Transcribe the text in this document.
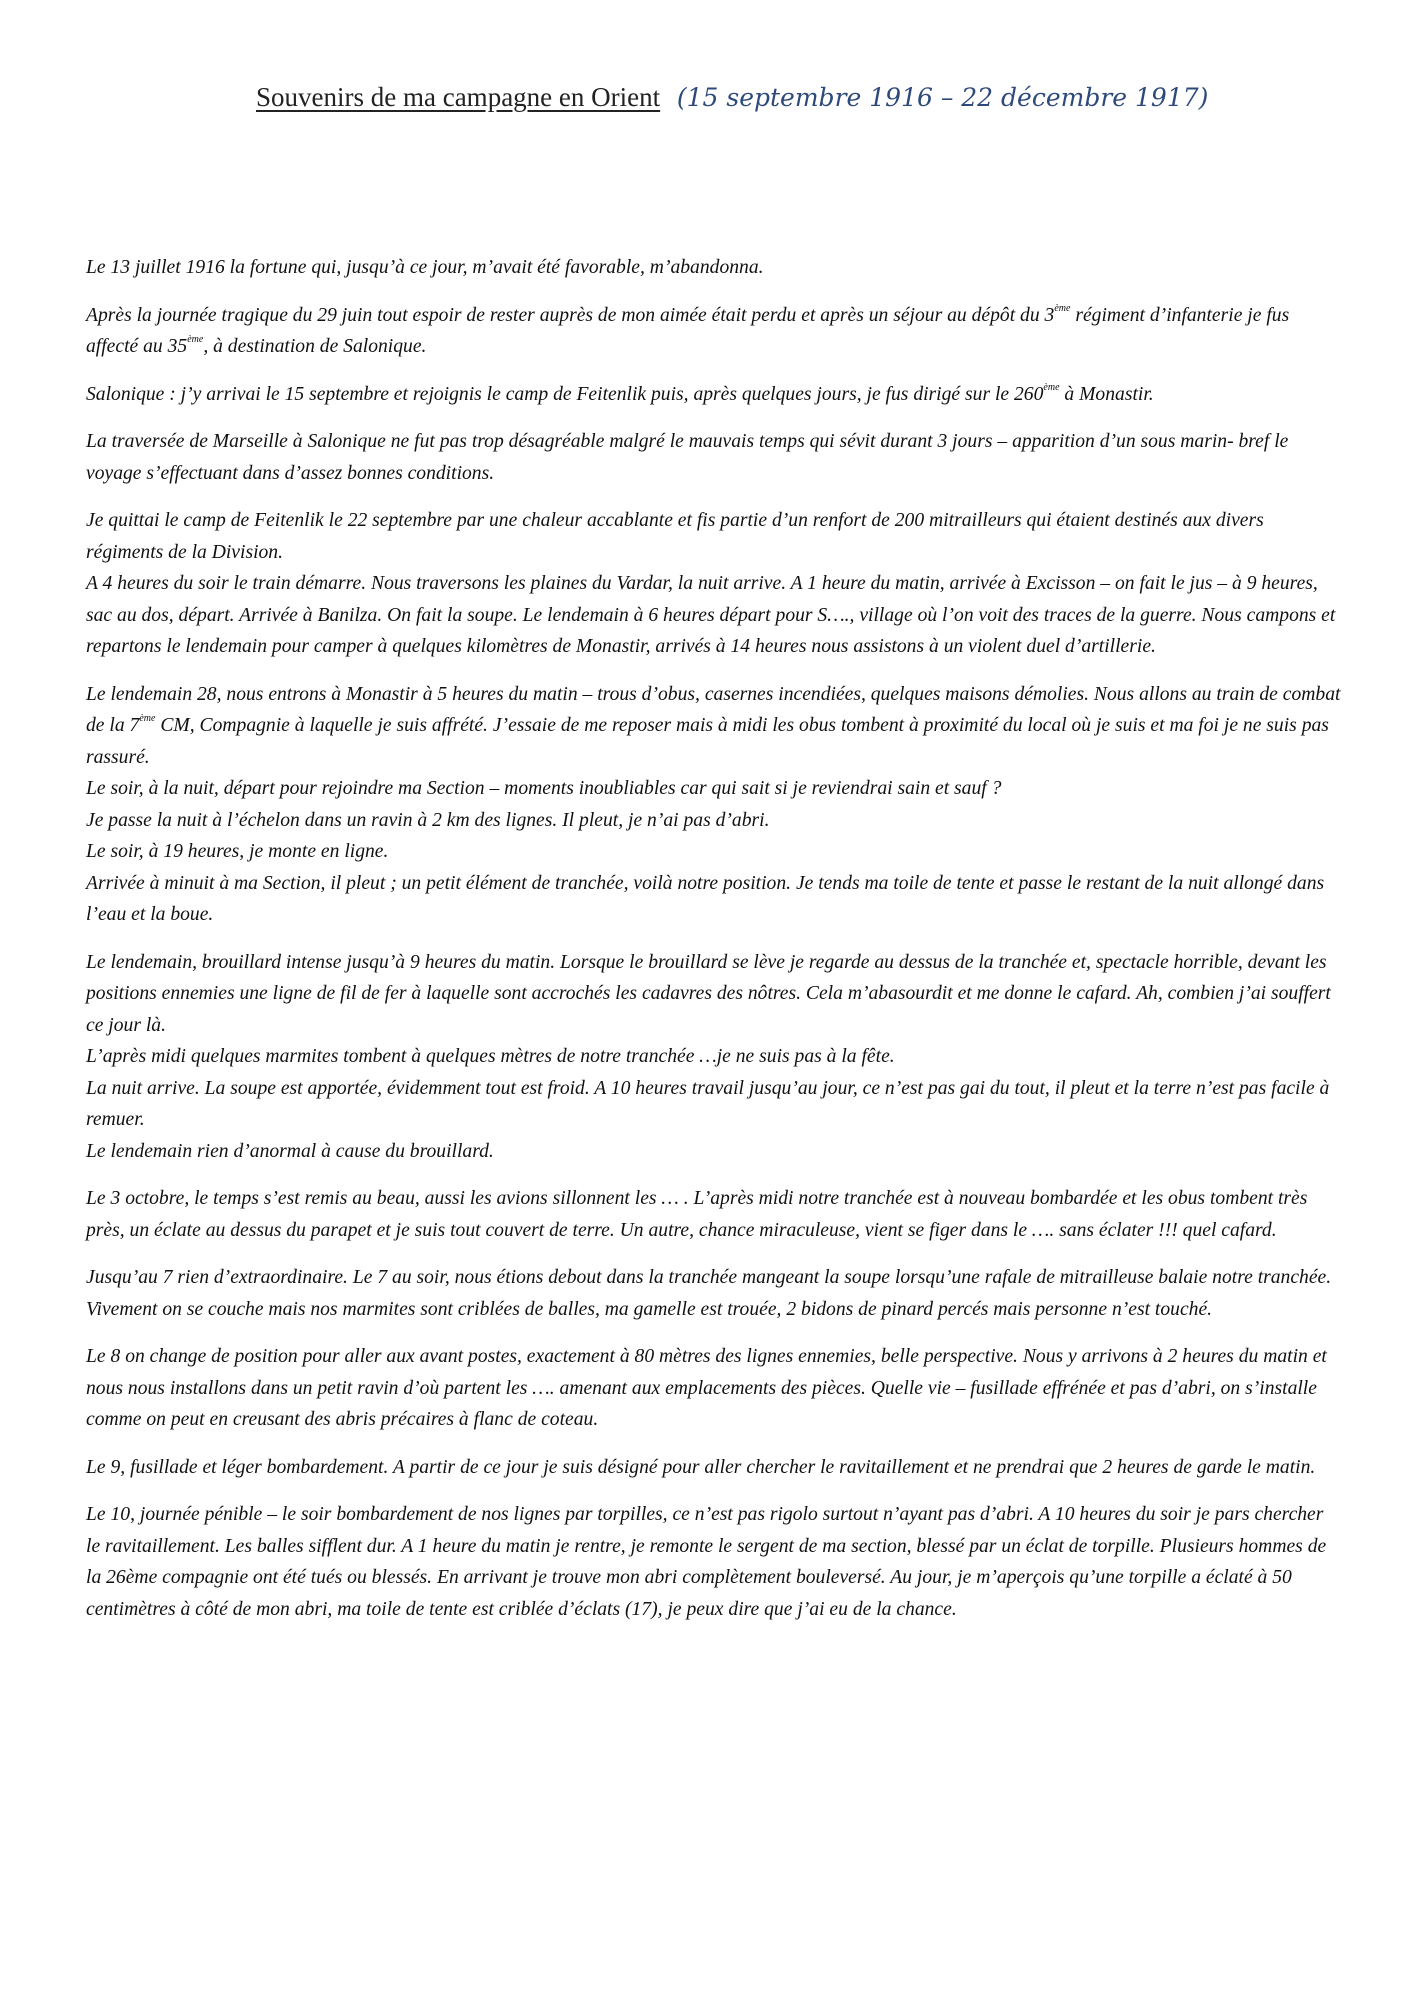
Souvenirs de ma campagne en Orient (15 septembre 1916 – 22 décembre 1917)

Le 13 juillet 1916 la fortune qui, jusqu’à ce jour, m’avait été favorable, m’abandonna.

Après la journée tragique du 29 juin tout espoir de rester auprès de mon aimée était perdu et après un séjour au dépôt du 3ème régiment d’infanterie je fus affecté au 35ème, à destination de Salonique.

Salonique : j’y arrivai le 15 septembre et rejoignis le camp de Feitenlik puis, après quelques jours, je fus dirigé sur le 260ème à Monastir.

La traversée de Marseille à Salonique ne fut pas trop désagréable malgré le mauvais temps qui sévit durant 3 jours – apparition d’un sous marin- bref le voyage s’effectuant dans d’assez bonnes conditions.

Je quittai le camp de Feitenlik le 22 septembre par une chaleur accablante et fis partie d’un renfort de 200 mitrailleurs qui étaient destinés aux divers régiments de la Division.

A 4 heures du soir le train démarre. Nous traversons les plaines du Vardar, la nuit arrive. A 1 heure du matin, arrivée à Excisson – on fait le jus – à 9 heures, sac au dos, départ. Arrivée à Banilza. On fait la soupe. Le lendemain à 6 heures départ pour S…., village où l’on voit des traces de la guerre. Nous campons et repartons le lendemain pour camper à quelques kilomètres de Monastir, arrivés à 14 heures nous assistons à un violent duel d’artillerie.

Le lendemain 28, nous entrons à Monastir à 5 heures du matin – trous d’obus, casernes incendiées, quelques maisons démolies. Nous allons au train de combat de la 7ème CM, Compagnie à laquelle je suis affrété. J’essaie de me reposer mais à midi les obus tombent à proximité du local où je suis et ma foi je ne suis pas rassuré.

Le soir, à la nuit, départ pour rejoindre ma Section – moments inoubliables car qui sait si je reviendrai sain et sauf ?

Je passe la nuit à l’échelon dans un ravin à 2 km des lignes. Il pleut, je n’ai pas d’abri.

Le soir, à 19 heures, je monte en ligne.

Arrivée à minuit à ma Section, il pleut ; un petit élément de tranchée, voilà notre position. Je tends ma toile de tente et passe le restant de la nuit allongé dans l’eau et la boue.

Le lendemain, brouillard intense jusqu’à 9 heures du matin. Lorsque le brouillard se lève je regarde au dessus de la tranchée et, spectacle horrible, devant les positions ennemies une ligne de fil de fer à laquelle sont accrochés les cadavres des nôtres. Cela m’abasourdit et me donne le cafard. Ah, combien j’ai souffert ce jour là.

L’après midi quelques marmites tombent à quelques mètres de notre tranchée …je ne suis pas à la fête.

La nuit arrive. La soupe est apportée, évidemment tout est froid. A 10 heures travail jusqu’au jour, ce n’est pas gai du tout, il pleut et la terre n’est pas facile à remuer.

Le lendemain rien d’anormal à cause du brouillard.

Le 3 octobre, le temps s’est remis au beau, aussi les avions sillonnent les … . L’après midi notre tranchée est à nouveau bombardée et les obus tombent très près, un éclate au dessus du parapet et je suis tout couvert de terre. Un autre, chance miraculeuse, vient se figer dans le …. sans éclater !!! quel cafard.

Jusqu’au 7 rien d’extraordinaire. Le 7 au soir, nous étions debout dans la tranchée mangeant la soupe lorsqu’une rafale de mitrailleuse balaie notre tranchée. Vivement on se couche mais nos marmites sont criblées de balles, ma gamelle est trouée, 2 bidons de pinard percés mais personne n’est touché.

Le 8 on change de position pour aller aux avant postes, exactement à 80 mètres des lignes ennemies, belle perspective. Nous y arrivons à 2 heures du matin et nous nous installons dans un petit ravin d’où partent les …. amenant aux emplacements des pièces. Quelle vie – fusillade effrénée et pas d’abri, on s’installe comme on peut en creusant des abris précaires à flanc de coteau.

Le 9, fusillade et léger bombardement. A partir de ce jour je suis désigné pour aller chercher le ravitaillement et ne prendrai que 2 heures de garde le matin.

Le 10, journée pénible – le soir bombardement de nos lignes par torpilles, ce n’est pas rigolo surtout n’ayant pas d’abri. A 10 heures du soir je pars chercher le ravitaillement. Les balles sifflent dur. A 1 heure du matin je rentre, je remonte le sergent de ma section, blessé par un éclat de torpille. Plusieurs hommes de la 26ème compagnie ont été tués ou blessés. En arrivant je trouve mon abri complètement bouleversé. Au jour, je m’aperçois qu’une torpille a éclaté à 50 centimètres à côté de mon abri, ma toile de tente est criblée d’éclats (17), je peux dire que j’ai eu de la chance.
